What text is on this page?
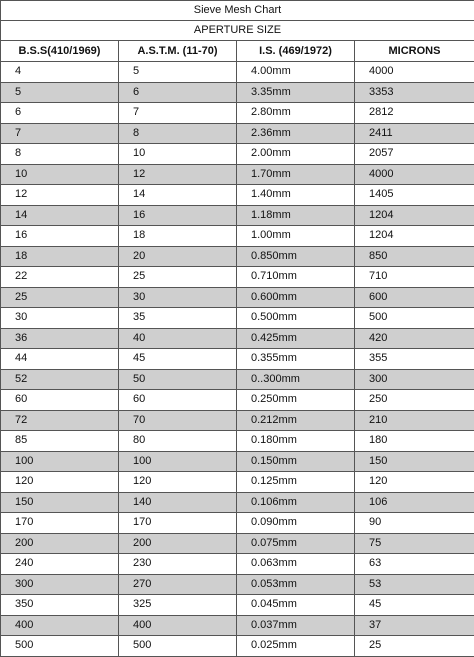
Sieve Mesh Chart			
APERTURE SIZE			
B.S.S(410/1969)	A.S.T.M. (11-70)	I.S. (469/1972)	MICRONS
4	5	4.00mm	4000
5	6	3.35mm	3353
6	7	2.80mm	2812
7	8	2.36mm	2411
8	10	2.00mm	2057
10	12	1.70mm	4000
12	14	1.40mm	1405
14	16	1.18mm	1204
16	18	1.00mm	1204
18	20	0.850mm	850
22	25	0.710mm	710
25	30	0.600mm	600
30	35	0.500mm	500
36	40	0.425mm	420
44	45	0.355mm	355
52	50	0..300mm	300
60	60	0.250mm	250
72	70	0.212mm	210
85	80	0.180mm	180
100	100	0.150mm	150
120	120	0.125mm	120
150	140	0.106mm	106
170	170	0.090mm	90
200	200	0.075mm	75
240	230	0.063mm	63
300	270	0.053mm	53
350	325	0.045mm	45
400	400	0.037mm	37
500	500	0.025mm	25
